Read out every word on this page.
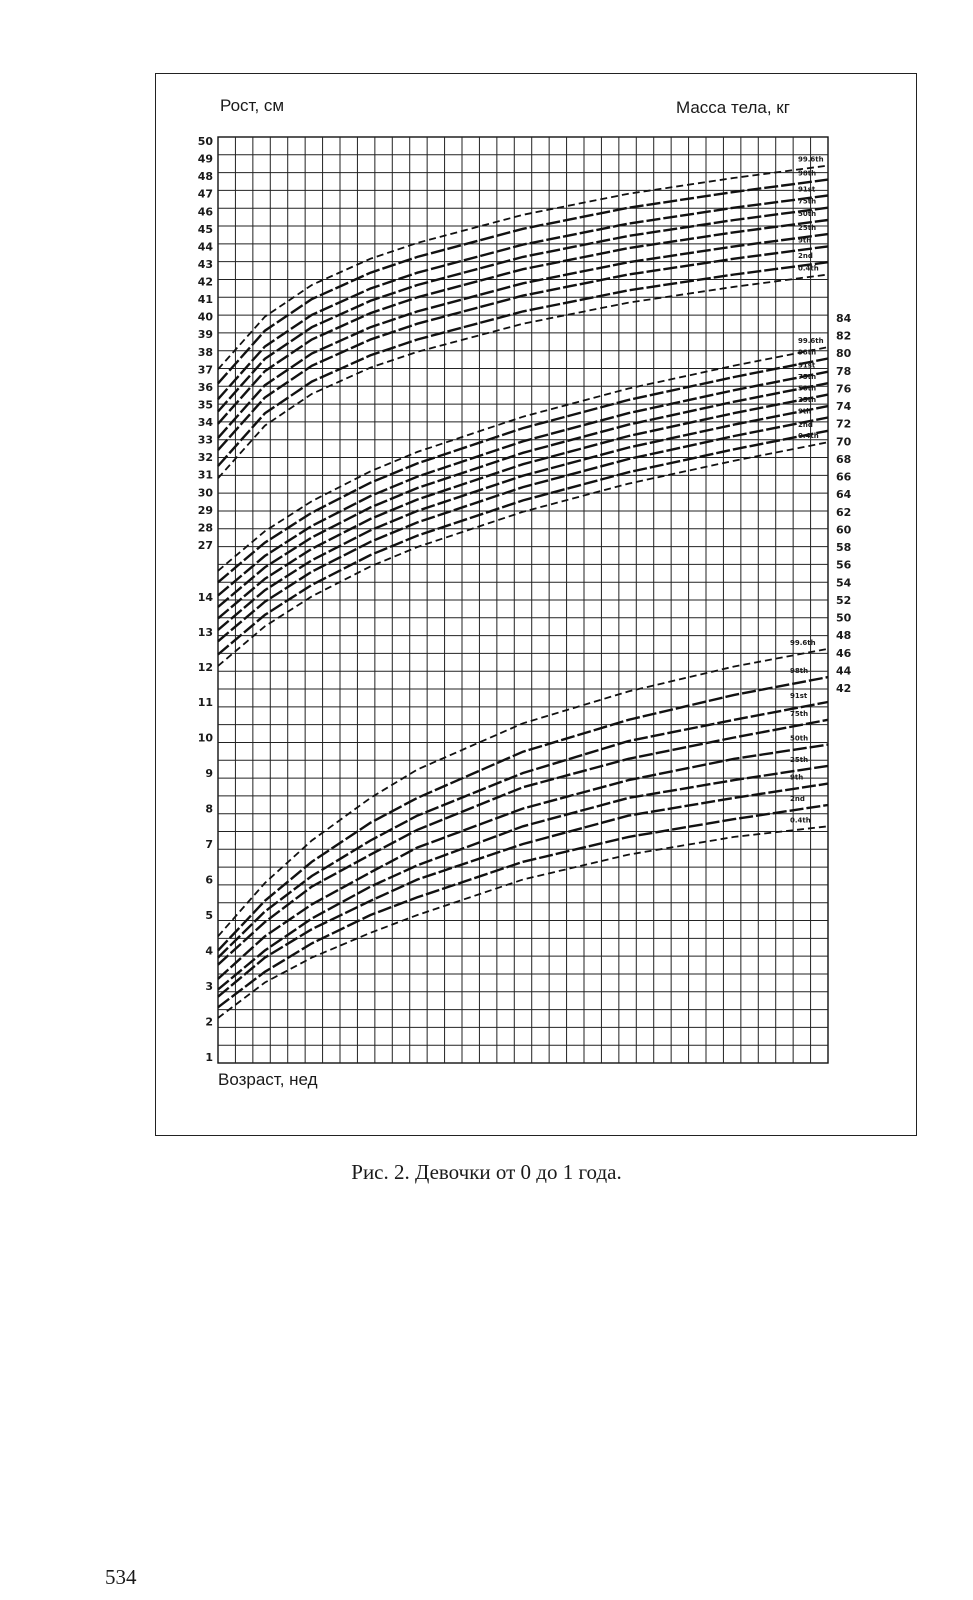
50
49
48
47
46
45
44
43
42
41
40
39
38
37
36
35
34
33
32
31
30
29
28
27
14
13
12
11
10
9
8
7
6
5
4
3
2
1
84
82
80
78
76
74
72
70
68
66
64
62
60
58
56
54
52
50
48
46
44
42
99.6th
98th
91st
75th
50th
25th
9th
2nd
0.4th
99.6th
98th
91st
75th
50th
25th
9th
2nd
0.4th
99.6th
98th
91st
75th
50th
25th
9th
2nd
0.4th
Рост, см	Масса тела, кг
Возраст, нед
Рис. 2. Девочки от 0 до 1 года.
534
